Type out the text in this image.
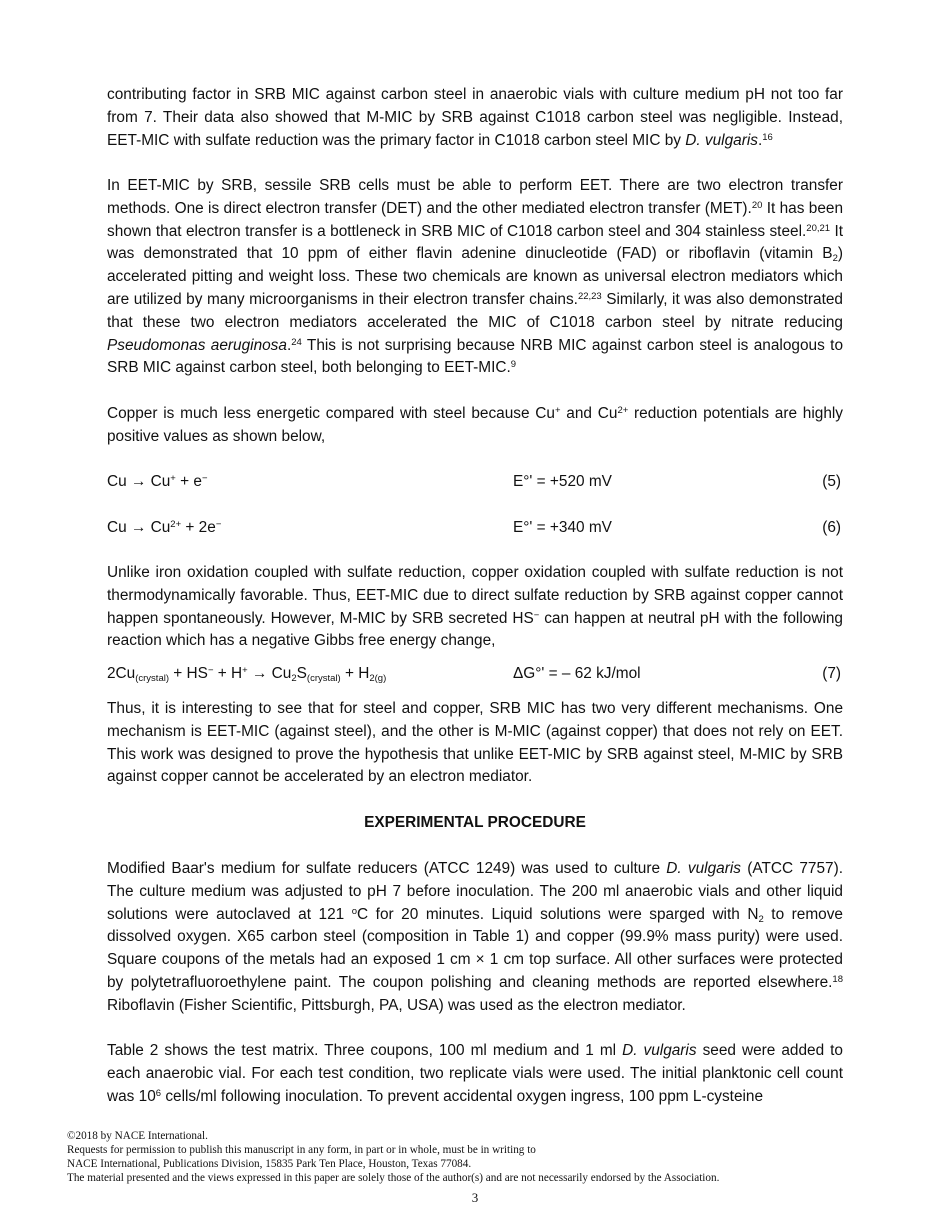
contributing factor in SRB MIC against carbon steel in anaerobic vials with culture medium pH not too far from 7. Their data also showed that M-MIC by SRB against C1018 carbon steel was negligible. Instead, EET-MIC with sulfate reduction was the primary factor in C1018 carbon steel MIC by D. vulgaris.$^{16}$

In EET-MIC by SRB, sessile SRB cells must be able to perform EET. There are two electron transfer methods. One is direct electron transfer (DET) and the other mediated electron transfer (MET).$^{20}$ It has been shown that electron transfer is a bottleneck in SRB MIC of C1018 carbon steel and 304 stainless steel.$^{20,21}$ It was demonstrated that 10 ppm of either flavin adenine dinucleotide (FAD) or riboflavin (vitamin $B_2$) accelerated pitting and weight loss. These two chemicals are known as universal electron mediators which are utilized by many microorganisms in their electron transfer chains.$^{22,23}$ Similarly, it was also demonstrated that these two electron mediators accelerated the MIC of C1018 carbon steel by nitrate reducing Pseudomonas aeruginosa.$^{24}$ This is not surprising because NRB MIC against carbon steel is analogous to SRB MIC against carbon steel, both belonging to EET-MIC.$^9$

Copper is much less energetic compared with steel because Cu+ and $Cu^{2+}$ reduction potentials are highly positive values as shown below,

Cu → Cu+ + e−	E°' = +520 mV	(5)
$Cu \to Cu^{2+} + 2e^-$	E°' = +340 mV	(6)

Unlike iron oxidation coupled with sulfate reduction, copper oxidation coupled with sulfate reduction is not thermodynamically favorable. Thus, EET-MIC due to direct sulfate reduction by SRB against copper cannot happen spontaneously. However, M-MIC by SRB secreted HS− can happen at neutral pH with the following reaction which has a negative Gibbs free energy change,

$2Cu_{(crystal)} + HS^- + H^+ \to Cu_2S_{(crystal)} + H_{2(g)}$	ΔG°' = – 62 kJ/mol	(7)

Thus, it is interesting to see that for steel and copper, SRB MIC has two very different mechanisms. One mechanism is EET-MIC (against steel), and the other is M-MIC (against copper) that does not rely on EET. This work was designed to prove the hypothesis that unlike EET-MIC by SRB against steel, M-MIC by SRB against copper cannot be accelerated by an electron mediator.

EXPERIMENTAL PROCEDURE

Modified Baar's medium for sulfate reducers (ATCC 1249) was used to culture D. vulgaris (ATCC 7757). The culture medium was adjusted to pH 7 before inoculation. The 200 ml anaerobic vials and other liquid solutions were autoclaved at 121 $^o$C for 20 minutes. Liquid solutions were sparged with $N_2$ to remove dissolved oxygen. X65 carbon steel (composition in Table 1) and copper (99.9% mass purity) were used. Square coupons of the metals had an exposed 1 cm × 1 cm top surface. All other surfaces were protected by polytetrafluoroethylene paint. The coupon polishing and cleaning methods are reported elsewhere.$^{18}$ Riboflavin (Fisher Scientific, Pittsburgh, PA, USA) was used as the electron mediator.

Table 2 shows the test matrix. Three coupons, 100 ml medium and 1 ml D. vulgaris seed were added to each anaerobic vial. For each test condition, two replicate vials were used. The initial planktonic cell count was $10^6$ cells/ml following inoculation. To prevent accidental oxygen ingress, 100 ppm L-cysteine

©2018 by NACE International.
Requests for permission to publish this manuscript in any form, in part or in whole, must be in writing to
NACE International, Publications Division, 15835 Park Ten Place, Houston, Texas 77084.
The material presented and the views expressed in this paper are solely those of the author(s) and are not necessarily endorsed by the Association.
3
